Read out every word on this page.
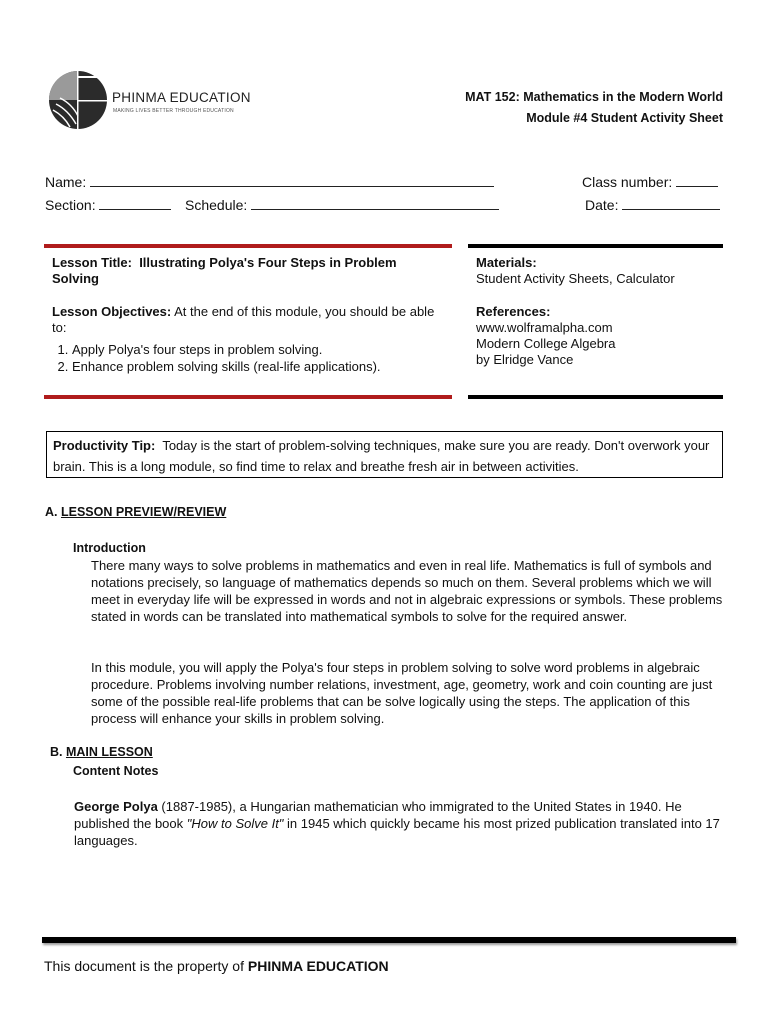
PHINMA EDUCATION
MAKING LIVES BETTER THROUGH EDUCATION
MAT 152: Mathematics in the Modern World
Module #4 Student Activity Sheet
Name:	Class number:
Section:	Schedule:	Date:
Lesson Title: Illustrating Polya's Four Steps in Problem Solving
Lesson Objectives: At the end of this module, you should be able to:
1. Apply Polya's four steps in problem solving.
2. Enhance problem solving skills (real-life applications).
Materials:
Student Activity Sheets, Calculator
References:
www.wolframalpha.com
Modern College Algebra
by Elridge Vance
Productivity Tip: Today is the start of problem-solving techniques, make sure you are ready. Don't overwork your brain. This is a long module, so find time to relax and breathe fresh air in between activities.
A. LESSON PREVIEW/REVIEW
Introduction
There many ways to solve problems in mathematics and even in real life. Mathematics is full of symbols and notations precisely, so language of mathematics depends so much on them. Several problems which we will meet in everyday life will be expressed in words and not in algebraic expressions or symbols. These problems stated in words can be translated into mathematical symbols to solve for the required answer.
In this module, you will apply the Polya's four steps in problem solving to solve word problems in algebraic procedure. Problems involving number relations, investment, age, geometry, work and coin counting are just some of the possible real-life problems that can be solve logically using the steps. The application of this process will enhance your skills in problem solving.
B. MAIN LESSON
Content Notes
George Polya (1887-1985), a Hungarian mathematician who immigrated to the United States in 1940. He published the book "How to Solve It" in 1945 which quickly became his most prized publication translated into 17 languages.
This document is the property of PHINMA EDUCATION
